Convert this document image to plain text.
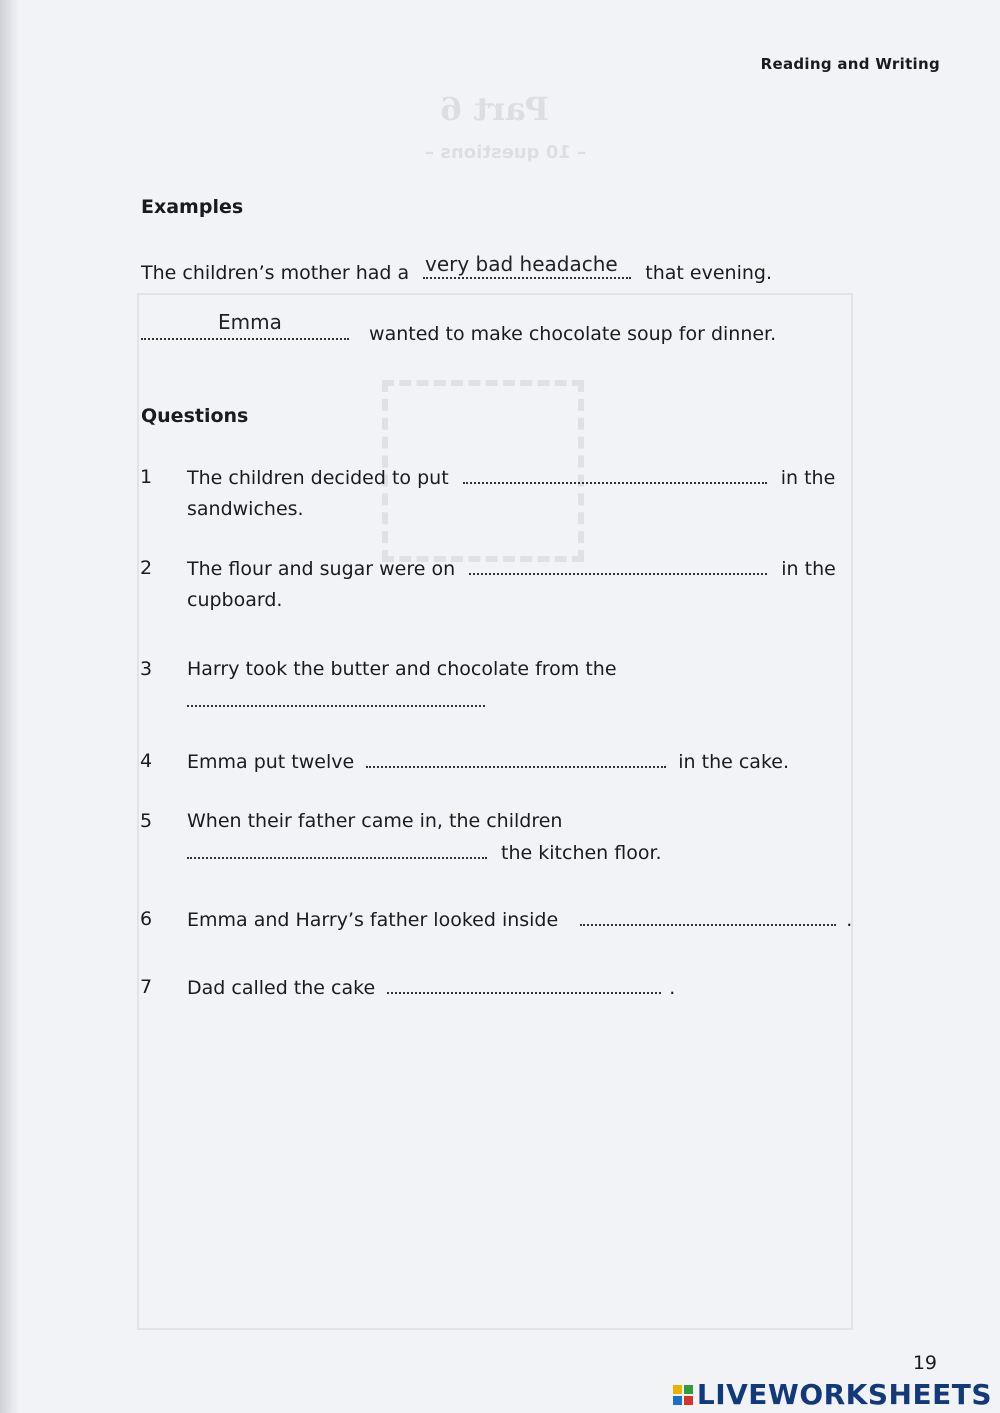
Part 6
– 10 questions –
Reading and Writing
Examples
The children’s mother had a	that evening.
very bad headache
wanted to make chocolate soup for dinner.
Emma
Questions
1 The children decided to put	in the
sandwiches.
2 The flour and sugar were on	in the
cupboard.
3 Harry took the butter and chocolate from the

4 Emma put twelve	in the cake.
5 When their father came in, the children
the kitchen floor.
6 Emma and Harry’s father looked inside	.
7 Dad called the cake	.
19
LIVEWORKSHEETS
